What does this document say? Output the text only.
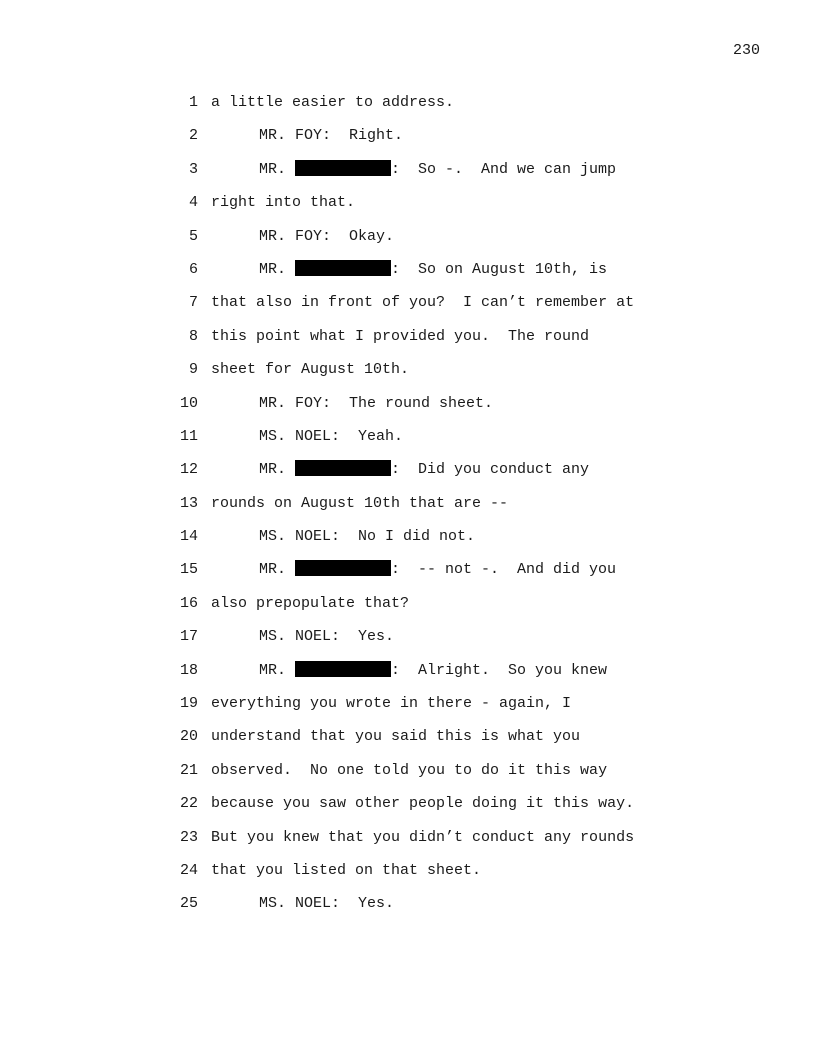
230
1 a little easier to address.
2	MR. FOY:  Right.
3	MR.	:  So -.  And we can jump
4 right into that.
5	MR. FOY:  Okay.
6	MR.	:  So on August 10th, is
7 that also in front of you?  I can’t remember at
8 this point what I provided you.  The round
9 sheet for August 10th.
10	MR. FOY:  The round sheet.
11	MS. NOEL:  Yeah.
12	MR.	:  Did you conduct any
13 rounds on August 10th that are --
14	MS. NOEL:  No I did not.
15	MR.	:  -- not -.  And did you
16 also prepopulate that?
17	MS. NOEL:  Yes.
18	MR.	:  Alright.  So you knew
19 everything you wrote in there - again, I
20 understand that you said this is what you
21 observed.  No one told you to do it this way
22 because you saw other people doing it this way.
23 But you knew that you didn’t conduct any rounds
24 that you listed on that sheet.
25	MS. NOEL:  Yes.
